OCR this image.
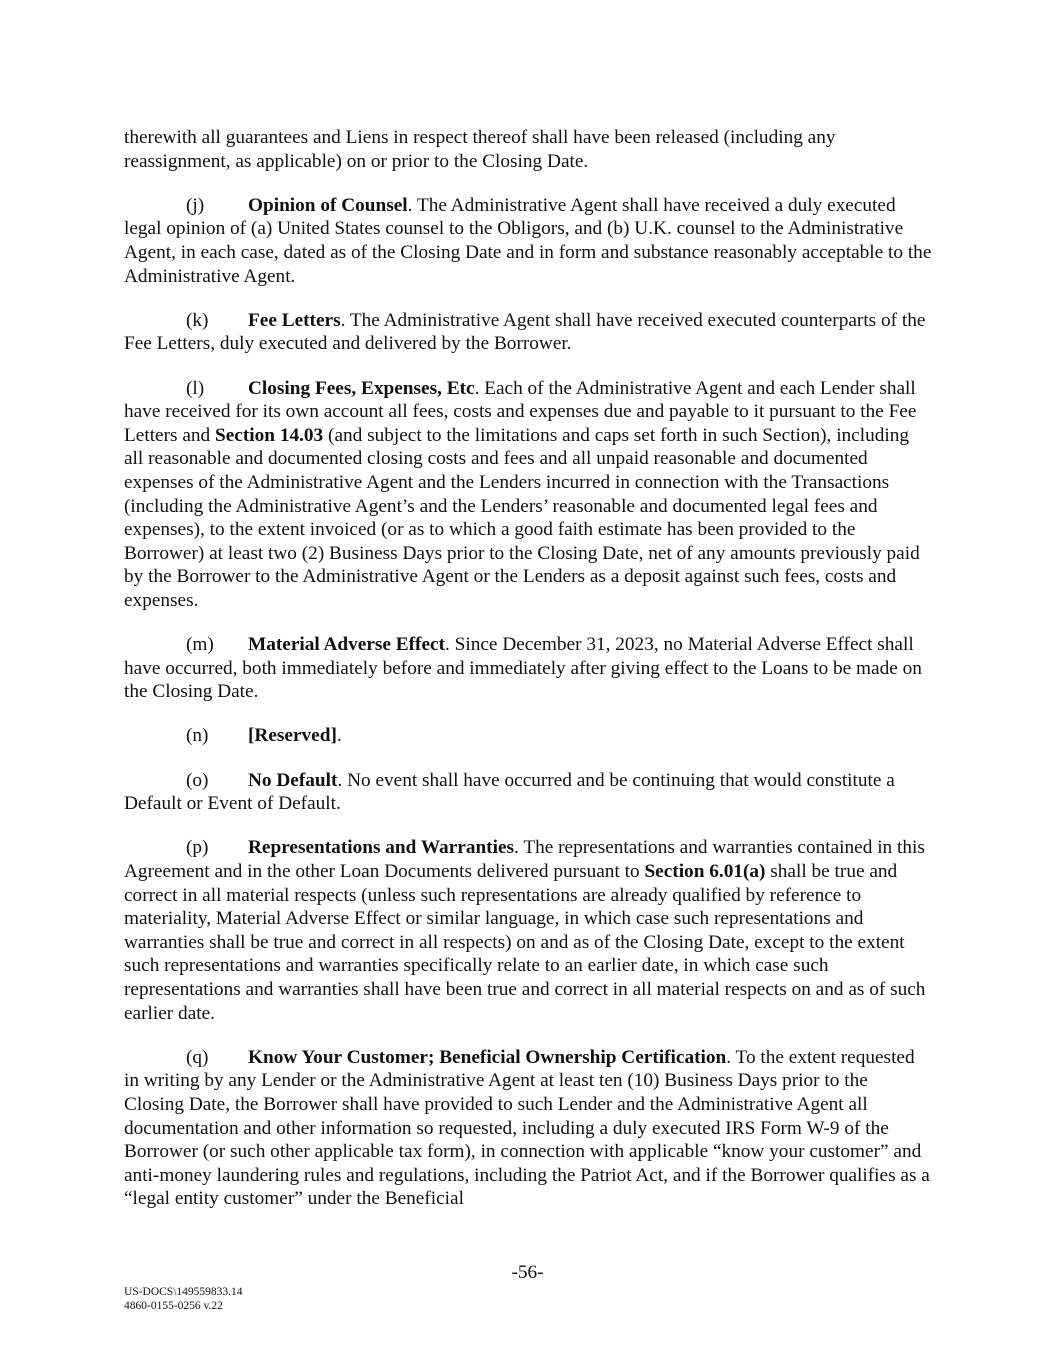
therewith all guarantees and Liens in respect thereof shall have been released (including any reassignment, as applicable) on or prior to the Closing Date.

(j) Opinion of Counsel. The Administrative Agent shall have received a duly executed legal opinion of (a) United States counsel to the Obligors, and (b) U.K. counsel to the Administrative Agent, in each case, dated as of the Closing Date and in form and substance reasonably acceptable to the Administrative Agent.

(k) Fee Letters. The Administrative Agent shall have received executed counterparts of the Fee Letters, duly executed and delivered by the Borrower.

(l) Closing Fees, Expenses, Etc. Each of the Administrative Agent and each Lender shall have received for its own account all fees, costs and expenses due and payable to it pursuant to the Fee Letters and Section 14.03 (and subject to the limitations and caps set forth in such Section), including all reasonable and documented closing costs and fees and all unpaid reasonable and documented expenses of the Administrative Agent and the Lenders incurred in connection with the Transactions (including the Administrative Agent’s and the Lenders’ reasonable and documented legal fees and expenses), to the extent invoiced (or as to which a good faith estimate has been provided to the Borrower) at least two (2) Business Days prior to the Closing Date, net of any amounts previously paid by the Borrower to the Administrative Agent or the Lenders as a deposit against such fees, costs and expenses.

(m) Material Adverse Effect. Since December 31, 2023, no Material Adverse Effect shall have occurred, both immediately before and immediately after giving effect to the Loans to be made on the Closing Date.

(n) [Reserved].

(o) No Default. No event shall have occurred and be continuing that would constitute a Default or Event of Default.

(p) Representations and Warranties. The representations and warranties contained in this Agreement and in the other Loan Documents delivered pursuant to Section 6.01(a) shall be true and correct in all material respects (unless such representations are already qualified by reference to materiality, Material Adverse Effect or similar language, in which case such representations and warranties shall be true and correct in all respects) on and as of the Closing Date, except to the extent such representations and warranties specifically relate to an earlier date, in which case such representations and warranties shall have been true and correct in all material respects on and as of such earlier date.

(q) Know Your Customer; Beneficial Ownership Certification. To the extent requested in writing by any Lender or the Administrative Agent at least ten (10) Business Days prior to the Closing Date, the Borrower shall have provided to such Lender and the Administrative Agent all documentation and other information so requested, including a duly executed IRS Form W-9 of the Borrower (or such other applicable tax form), in connection with applicable “know your customer” and anti-money laundering rules and regulations, including the Patriot Act, and if the Borrower qualifies as a “legal entity customer” under the Beneficial

-56-
US-DOCS\149559833.14
4860-0155-0256 v.22
